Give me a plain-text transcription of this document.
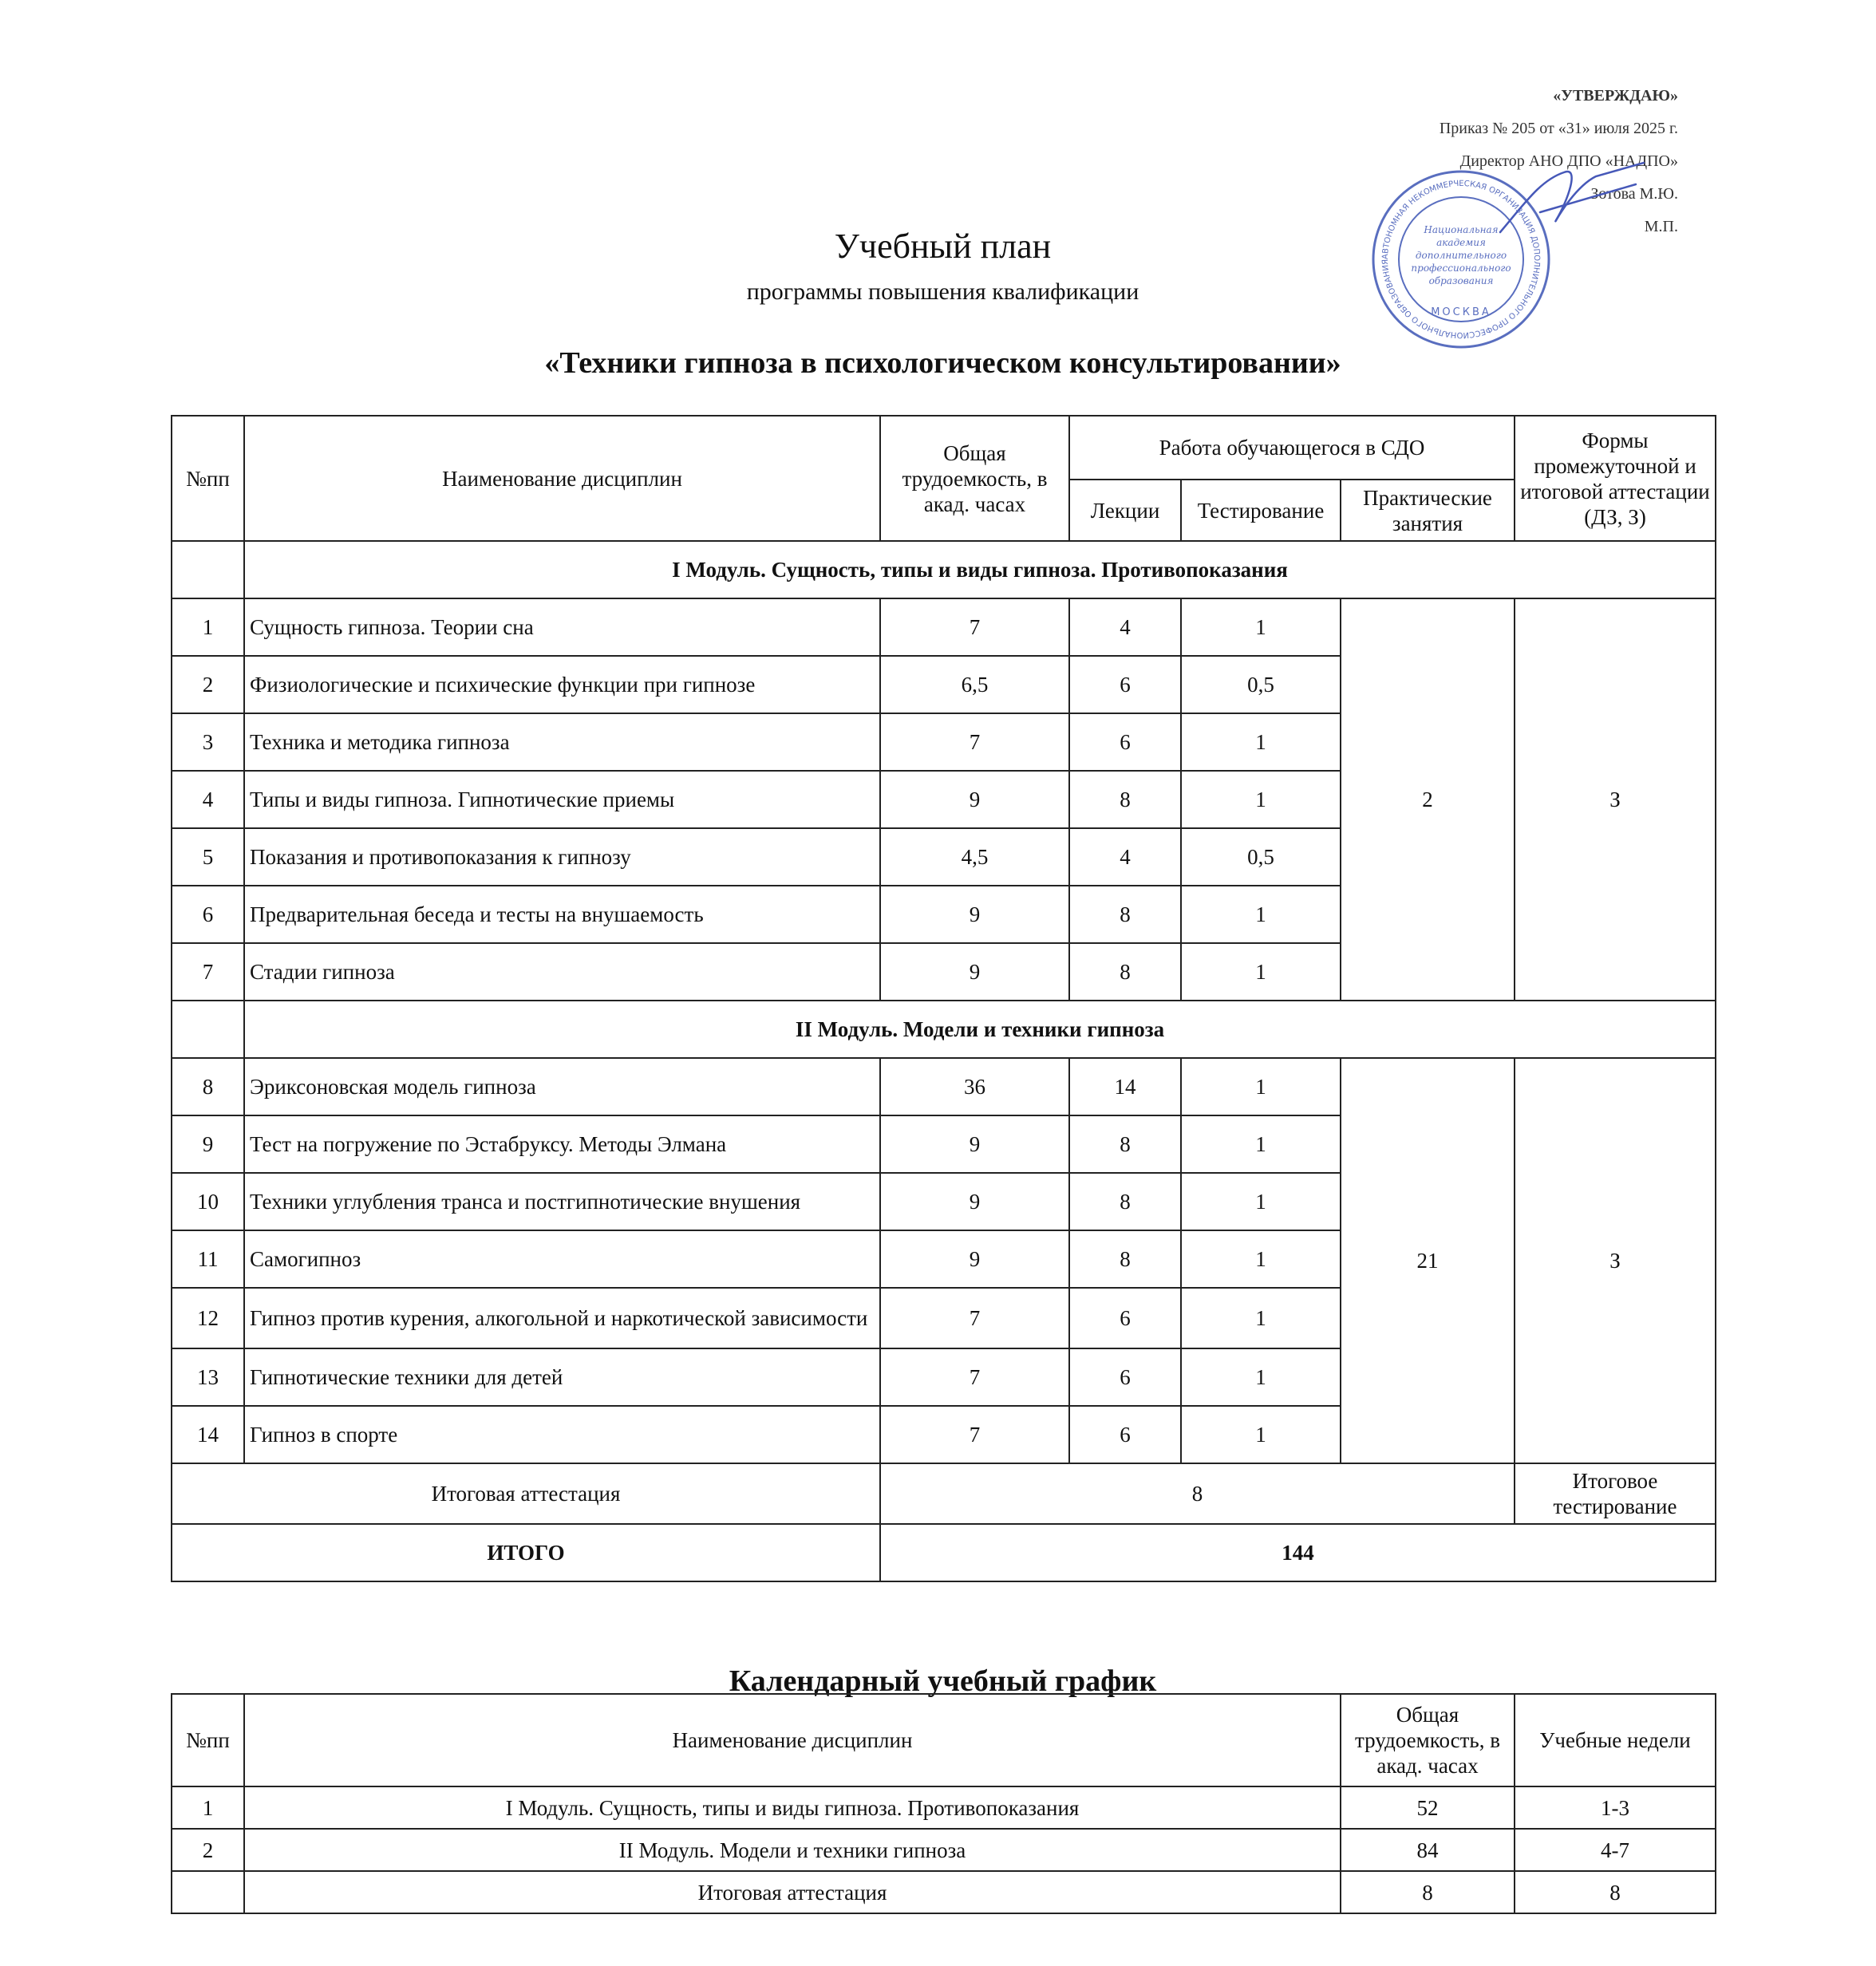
«УТВЕРЖДАЮ»
Приказ № 205 от «31» июля 2025 г.
Директор АНО ДПО «НАДПО»
Зотова М.Ю.
М.П.
АВТОНОМНАЯ НЕКОММЕРЧЕСКАЯ ОРГАНИЗАЦИЯ ДОПОЛНИТЕЛЬНОГО ПРОФЕССИОНАЛЬНОГО ОБРАЗОВАНИЯ
Национальная
академия
дополнительного
профессионального
образования
МОСКВА
Учебный план
программы повышения квалификации
«Техники гипноза в психологическом консультировании»
№пп	Наименование дисциплин	Общая трудоемкость, в акад. часах	Работа обучающегося в СДО			Формы промежуточной и итоговой аттестации (ДЗ, З)
			Лекции	Тестирование	Практические занятия	
	I Модуль. Сущность, типы и виды гипноза. Противопоказания					
1	Сущность гипноза. Теории сна	7	4	1	2	З
2	Физиологические и психические функции при гипнозе	6,5	6	0,5		
3	Техника и методика гипноза	7	6	1		
4	Типы и виды гипноза. Гипнотические приемы	9	8	1		
5	Показания и противопоказания к гипнозу	4,5	4	0,5		
6	Предварительная беседа и тесты на внушаемость	9	8	1		
7	Стадии гипноза	9	8	1		
	II Модуль. Модели и техники гипноза					
8	Эриксоновская модель гипноза	36	14	1	21	З
9	Тест на погружение по Эстабруксу. Методы Элмана	9	8	1		
10	Техники углубления транса и постгипнотические внушения	9	8	1		
11	Самогипноз	9	8	1		
12	Гипноз против курения, алкогольной и наркотической зависимости	7	6	1		
13	Гипнотические техники для детей	7	6	1		
14	Гипноз в спорте	7	6	1		
Итоговая аттестация		8				Итоговое тестирование
ИТОГО		144				
Календарный учебный график
№пп	Наименование дисциплин	Общая трудоемкость, в акад. часах	Учебные недели
1	I Модуль. Сущность, типы и виды гипноза. Противопоказания	52	1-3
2	II Модуль. Модели и техники гипноза	84	4-7
	Итоговая аттестация	8	8
